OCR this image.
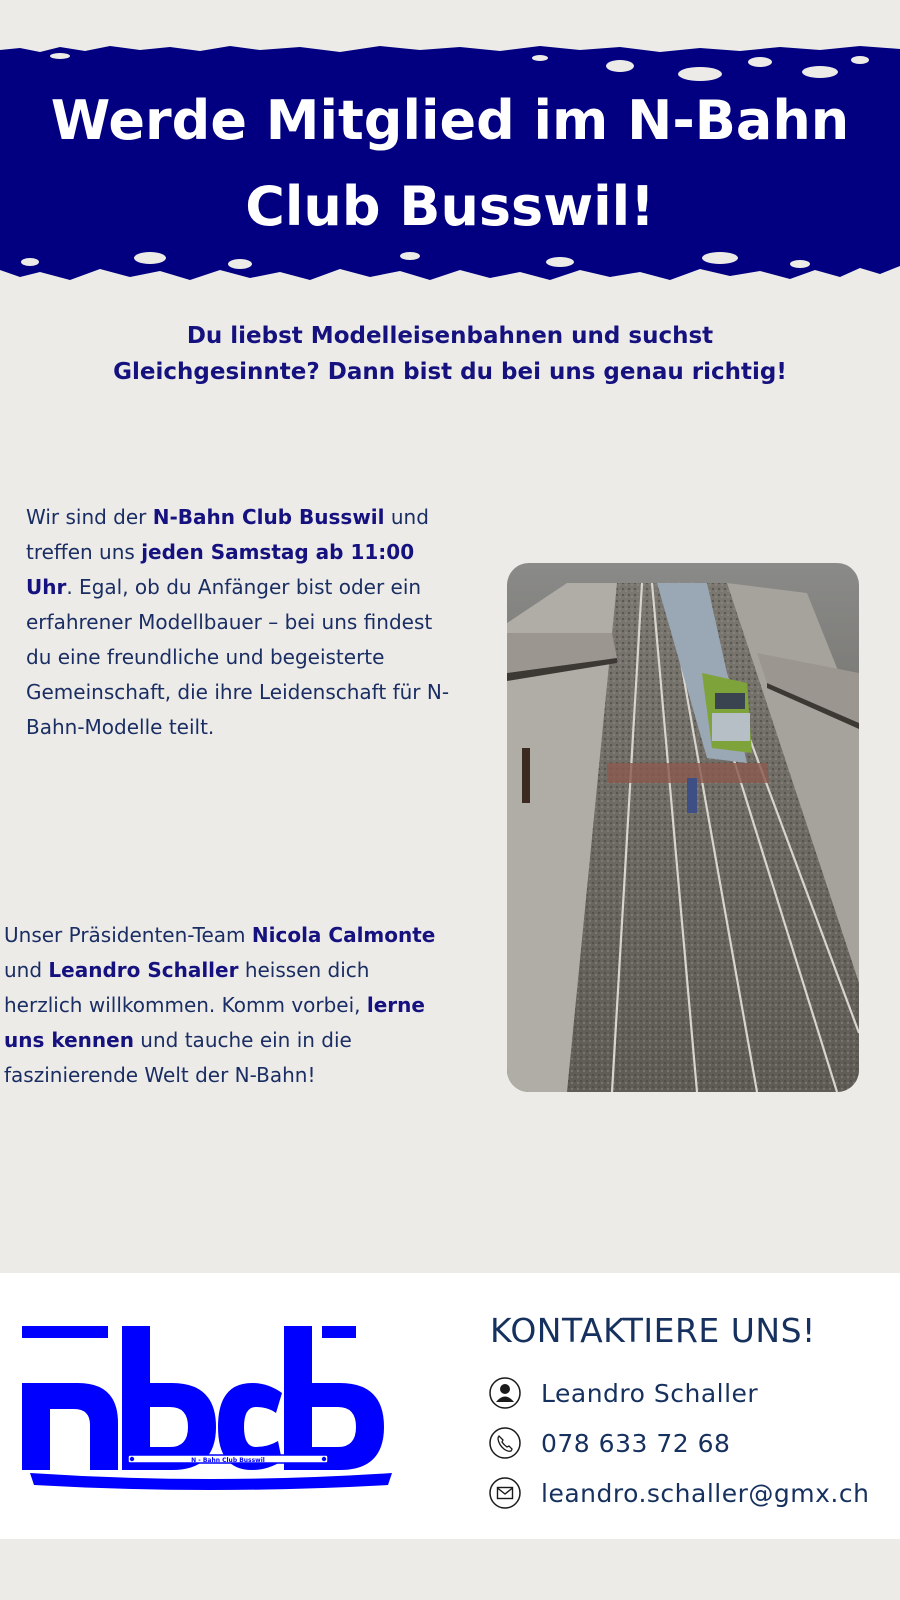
Werde Mitglied im N-Bahn Club Busswil!
Du liebst Modelleisenbahnen und suchst Gleichgesinnte? Dann bist du bei uns genau richtig!
Wir sind der N-Bahn Club Busswil und treffen uns jeden Samstag ab 11:00 Uhr. Egal, ob du Anfänger bist oder ein erfahrener Modellbauer – bei uns findest du eine freundliche und begeisterte Gemeinschaft, die ihre Leidenschaft für N-Bahn-Modelle teilt.
Unser Präsidenten-Team Nicola Calmonte und Leandro Schaller heissen dich herzlich willkommen. Komm vorbei, lerne uns kennen und tauche ein in die faszinierende Welt der N-Bahn!
N - Bahn Club Busswil
KONTAKTIERE UNS!
Leandro Schaller
078 633 72 68
leandro.schaller@gmx.ch
